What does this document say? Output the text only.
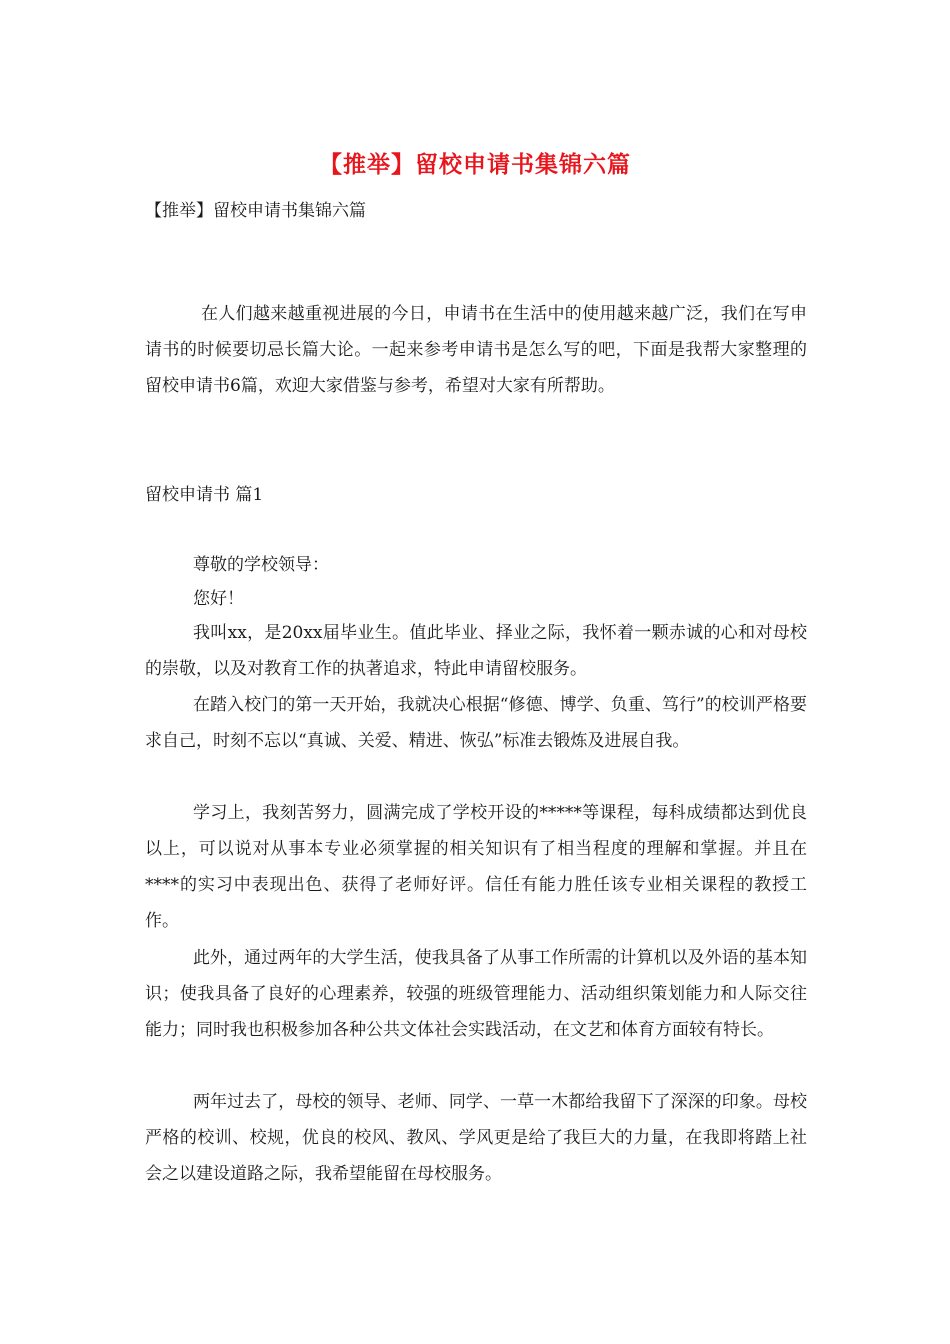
【推举】留校申请书集锦六篇
【推举】留校申请书集锦六篇

在人们越来越重视进展的今日，申请书在生活中的使用越来越广泛，我们在写申请书的时候要切忌长篇大论。一起来参考申请书是怎么写的吧，下面是我帮大家整理的留校申请书6篇，欢迎大家借鉴与参考，希望对大家有所帮助。

留校申请书 篇1
尊敬的学校领导：
您好！

我叫xx，是20xx届毕业生。值此毕业、择业之际，我怀着一颗赤诚的心和对母校的崇敬，以及对教育工作的执著追求，特此申请留校服务。

在踏入校门的第一天开始，我就决心根据“修德、博学、负重、笃行”的校训严格要求自己，时刻不忘以“真诚、关爱、精进、恢弘”标准去锻炼及进展自我。

学习上，我刻苦努力，圆满完成了学校开设的*****等课程，每科成绩都达到优良以上，可以说对从事本专业必须掌握的相关知识有了相当程度的理解和掌握。并且在****的实习中表现出色、获得了老师好评。信任有能力胜任该专业相关课程的教授工作。

此外，通过两年的大学生活，使我具备了从事工作所需的计算机以及外语的基本知识；使我具备了良好的心理素养，较强的班级管理能力、活动组织策划能力和人际交往能力；同时我也积极参加各种公共文体社会实践活动，在文艺和体育方面较有特长。

两年过去了，母校的领导、老师、同学、一草一木都给我留下了深深的印象。母校严格的校训、校规，优良的校风、教风、学风更是给了我巨大的力量，在我即将踏上社会之以建设道路之际，我希望能留在母校服务。
